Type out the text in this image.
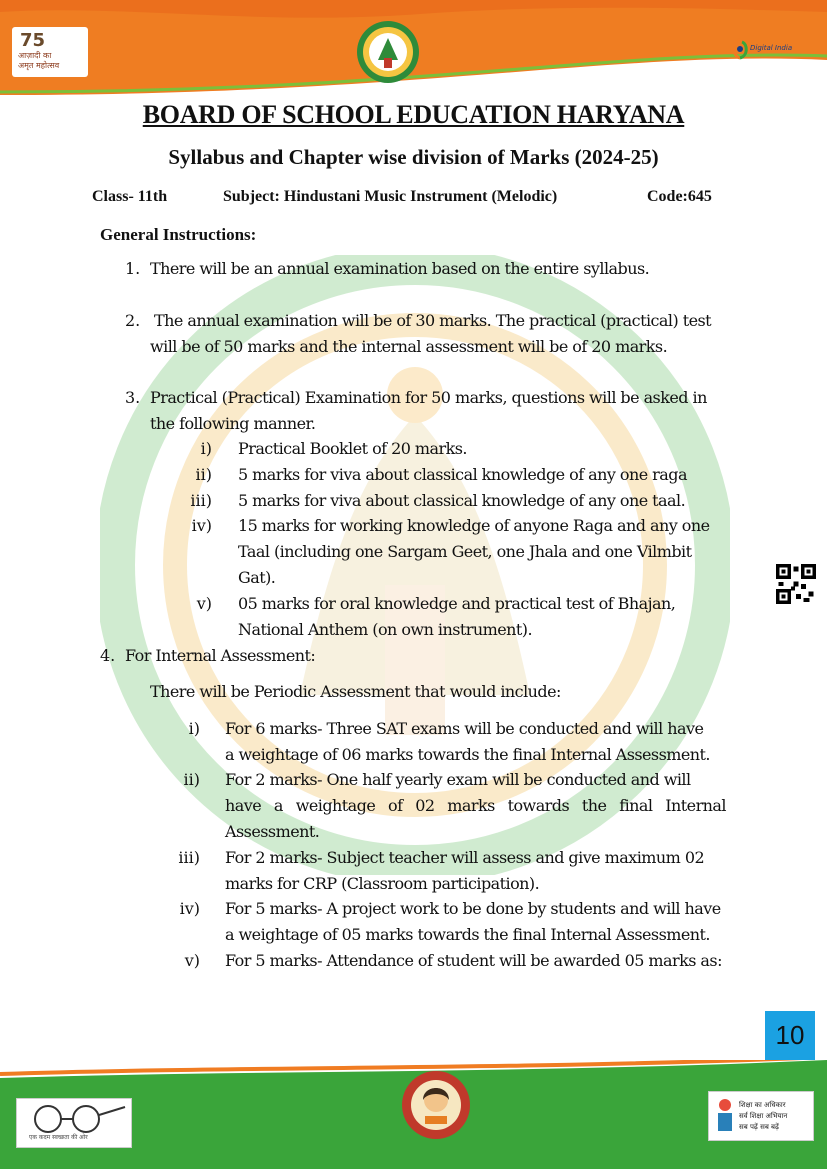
75
आज़ादी का
अमृत महोत्सव
Digital India
BOARD OF SCHOOL EDUCATION HARYANA
Syllabus and Chapter wise division of Marks (2024-25)
Class- 11th	Subject: Hindustani Music Instrument (Melodic)	Code:645
General Instructions:
1. There will be an annual examination based on the entire syllabus.
2. The annual examination will be of 30 marks. The practical (practical) test
will be of 50 marks and the internal assessment will be of 20 marks.
3. Practical (Practical) Examination for 50 marks, questions will be asked in
the following manner.
i) Practical Booklet of 20 marks.
ii) 5 marks for viva about classical knowledge of any one raga
iii) 5 marks for viva about classical knowledge of any one taal.
iv) 15 marks for working knowledge of anyone Raga and any one
Taal (including one Sargam Geet, one Jhala and one Vilmbit
Gat).
v) 05 marks for oral knowledge and practical test of Bhajan,
National Anthem (on own instrument).
4. For Internal Assessment:
There will be Periodic Assessment that would include:
i) For 6 marks- Three SAT exams will be conducted and will have
a weightage of 06 marks towards the final Internal Assessment.
ii) For 2 marks- One half yearly exam will be conducted and will
have a weightage of 02 marks towards the final Internal
Assessment.
iii) For 2 marks- Subject teacher will assess and give maximum 02
marks for CRP (Classroom participation).
iv) For 5 marks- A project work to be done by students and will have
a weightage of 05 marks towards the final Internal Assessment.
v) For 5 marks- Attendance of student will be awarded 05 marks as:
10
एक कदम स्वच्छता की ओर
शिक्षा का अधिकार
सर्व शिक्षा अभियान
सब पढ़ें सब बढ़ें
